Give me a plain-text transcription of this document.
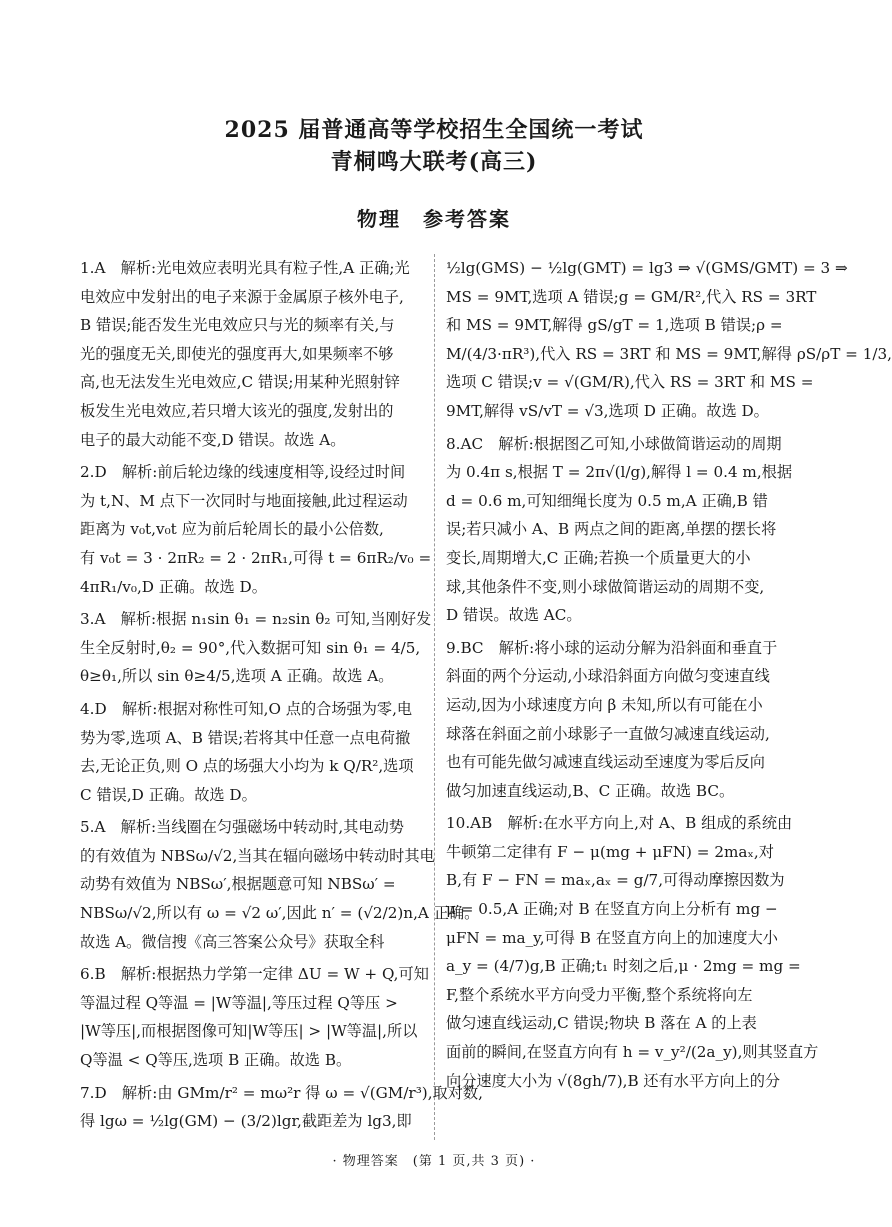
2025 届普通高等学校招生全国统一考试
青桐鸣大联考(高三)
物理　参考答案
1.A　解析:光电效应表明光具有粒子性,A 正确;光
电效应中发射出的电子来源于金属原子核外电子,
B 错误;能否发生光电效应只与光的频率有关,与
光的强度无关,即使光的强度再大,如果频率不够
高,也无法发生光电效应,C 错误;用某种光照射锌
板发生光电效应,若只增大该光的强度,发射出的
电子的最大动能不变,D 错误。故选 A。
2.D　解析:前后轮边缘的线速度相等,设经过时间
为 t,N、M 点下一次同时与地面接触,此过程运动
距离为 v₀t,v₀t 应为前后轮周长的最小公倍数,
有 v₀t = 3 · 2πR₂ = 2 · 2πR₁,可得 t = 6πR₂/v₀ =
4πR₁/v₀,D 正确。故选 D。
3.A　解析:根据 n₁sin θ₁ = n₂sin θ₂ 可知,当刚好发
生全反射时,θ₂ = 90°,代入数据可知 sin θ₁ = 4/5,
θ≥θ₁,所以 sin θ≥4/5,选项 A 正确。故选 A。
4.D　解析:根据对称性可知,O 点的合场强为零,电
势为零,选项 A、B 错误;若将其中任意一点电荷撤
去,无论正负,则 O 点的场强大小均为 k Q/R²,选项
C 错误,D 正确。故选 D。
5.A　解析:当线圈在匀强磁场中转动时,其电动势
的有效值为 NBSω/√2,当其在辐向磁场中转动时其电
动势有效值为 NBSω′,根据题意可知 NBSω′ =
NBSω/√2,所以有 ω = √2 ω′,因此 n′ = (√2/2)n,A 正确。
故选 A。微信搜《高三答案公众号》获取全科
6.B　解析:根据热力学第一定律 ΔU = W + Q,可知
等温过程 Q等温 = |W等温|,等压过程 Q等压 >
|W等压|,而根据图像可知|W等压| > |W等温|,所以
Q等温 < Q等压,选项 B 正确。故选 B。
7.D　解析:由 GMm/r² = mω²r 得 ω = √(GM/r³),取对数,
得 lgω = ½lg(GM) − (3/2)lgr,截距差为 lg3,即
½lg(GMS) − ½lg(GMT) = lg3 ⇒ √(GMS/GMT) = 3 ⇒
MS = 9MT,选项 A 错误;g = GM/R²,代入 RS = 3RT
和 MS = 9MT,解得 gS/gT = 1,选项 B 错误;ρ =
M/(4/3·πR³),代入 RS = 3RT 和 MS = 9MT,解得 ρS/ρT = 1/3,
选项 C 错误;v = √(GM/R),代入 RS = 3RT 和 MS =
9MT,解得 vS/vT = √3,选项 D 正确。故选 D。
8.AC　解析:根据图乙可知,小球做简谐运动的周期
为 0.4π s,根据 T = 2π√(l/g),解得 l = 0.4 m,根据
d = 0.6 m,可知细绳长度为 0.5 m,A 正确,B 错
误;若只减小 A、B 两点之间的距离,单摆的摆长将
变长,周期增大,C 正确;若换一个质量更大的小
球,其他条件不变,则小球做简谐运动的周期不变,
D 错误。故选 AC。
9.BC　解析:将小球的运动分解为沿斜面和垂直于
斜面的两个分运动,小球沿斜面方向做匀变速直线
运动,因为小球速度方向 β 未知,所以有可能在小
球落在斜面之前小球影子一直做匀减速直线运动,
也有可能先做匀减速直线运动至速度为零后反向
做匀加速直线运动,B、C 正确。故选 BC。
10.AB　解析:在水平方向上,对 A、B 组成的系统由
牛顿第二定律有 F − μ(mg + μFN) = 2maₓ,对
B,有 F − FN = maₓ,aₓ = g/7,可得动摩擦因数为
μ = 0.5,A 正确;对 B 在竖直方向上分析有 mg −
μFN = ma_y,可得 B 在竖直方向上的加速度大小
a_y = (4/7)g,B 正确;t₁ 时刻之后,μ · 2mg = mg =
F,整个系统水平方向受力平衡,整个系统将向左
做匀速直线运动,C 错误;物块 B 落在 A 的上表
面前的瞬间,在竖直方向有 h = v_y²/(2a_y),则其竖直方
向分速度大小为 √(8gh/7),B 还有水平方向上的分
· 物理答案　(第 1 页,共 3 页) ·
